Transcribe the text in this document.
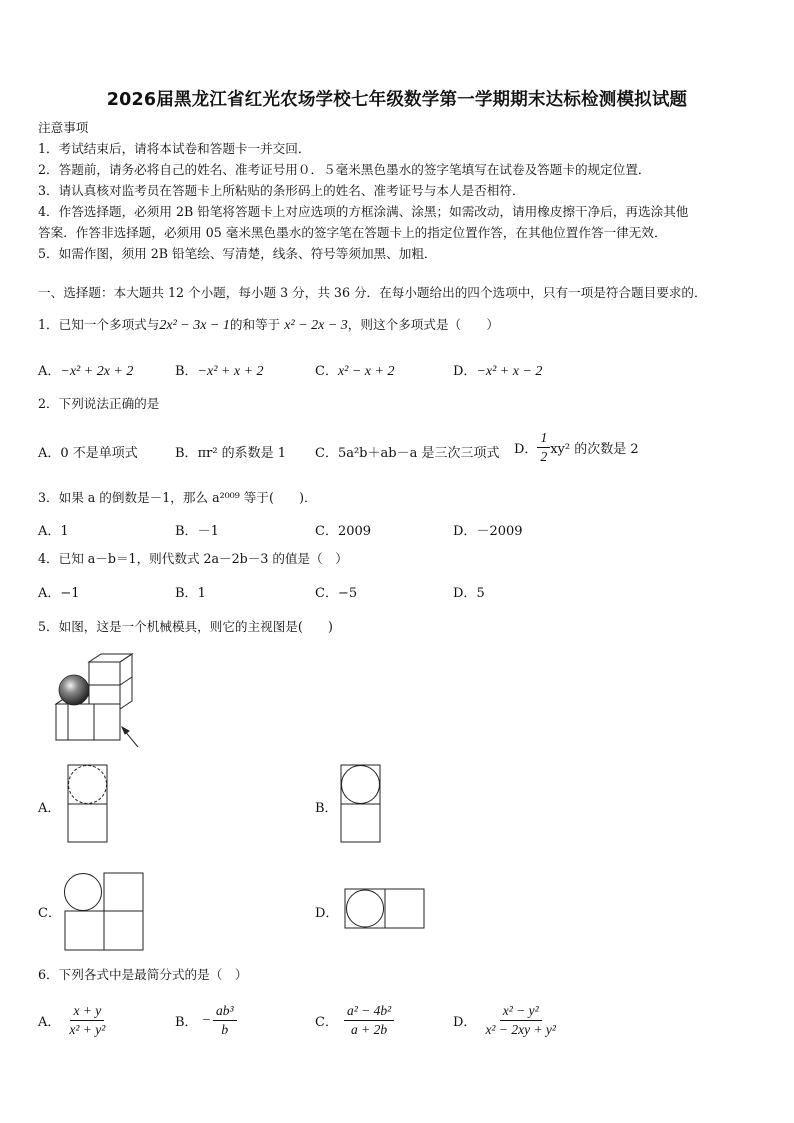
2026届黑龙江省红光农场学校七年级数学第一学期期末达标检测模拟试题
注意事项
1．考试结束后，请将本试卷和答题卡一并交回．
2．答题前，请务必将自己的姓名、准考证号用０．５毫米黑色墨水的签字笔填写在试卷及答题卡的规定位置．
3．请认真核对监考员在答题卡上所粘贴的条形码上的姓名、准考证号与本人是否相符．
4．作答选择题，必须用 2B 铅笔将答题卡上对应选项的方框涂满、涂黑；如需改动，请用橡皮擦干净后，再选涂其他
答案．作答非选择题，必须用 05 毫米黑色墨水的签字笔在答题卡上的指定位置作答，在其他位置作答一律无效．
5．如需作图，须用 2B 铅笔绘、写清楚，线条、符号等须加黑、加粗．
一、选择题：本大题共 12 个小题，每小题 3 分，共 36 分．在每小题给出的四个选项中，只有一项是符合题目要求的．
1．已知一个多项式与2x² − 3x − 1的和等于 x² − 2x − 3，则这个多项式是（　　）
A．−x² + 2x + 2	B．−x² + x + 2	C．x² − x + 2	D．−x² + x − 2
2．下列说法正确的是
A．0 不是单项式	B．πr² 的系数是 1 C．5a²b＋ab－a 是三次三项式 D． $\frac{1}{2} xy^2$ 的次数是 2
3．如果 a 的倒数是－1，那么 a²⁰⁰⁹ 等于(　　)．
A．1	B．－1	C．2009	D．－2009
4．已知 a－b＝1，则代数式 2a－2b－3 的值是（　）
A．−1	B．1	C．−5	D．5
5．如图，这是一个机械模具，则它的主视图是(　　)
A．	B．
C．	D．
6．下列各式中是最简分式的是（　）
A． $\frac{x + y}{\text{x² + y²}}$	B． − $\frac{\text{ab³}}{b}$	C． $\frac{\text{a² − 4b²}}{a + 2b}$	D． $\frac{\text{x² − y²}}{\text{x² − 2xy + y²}}$
